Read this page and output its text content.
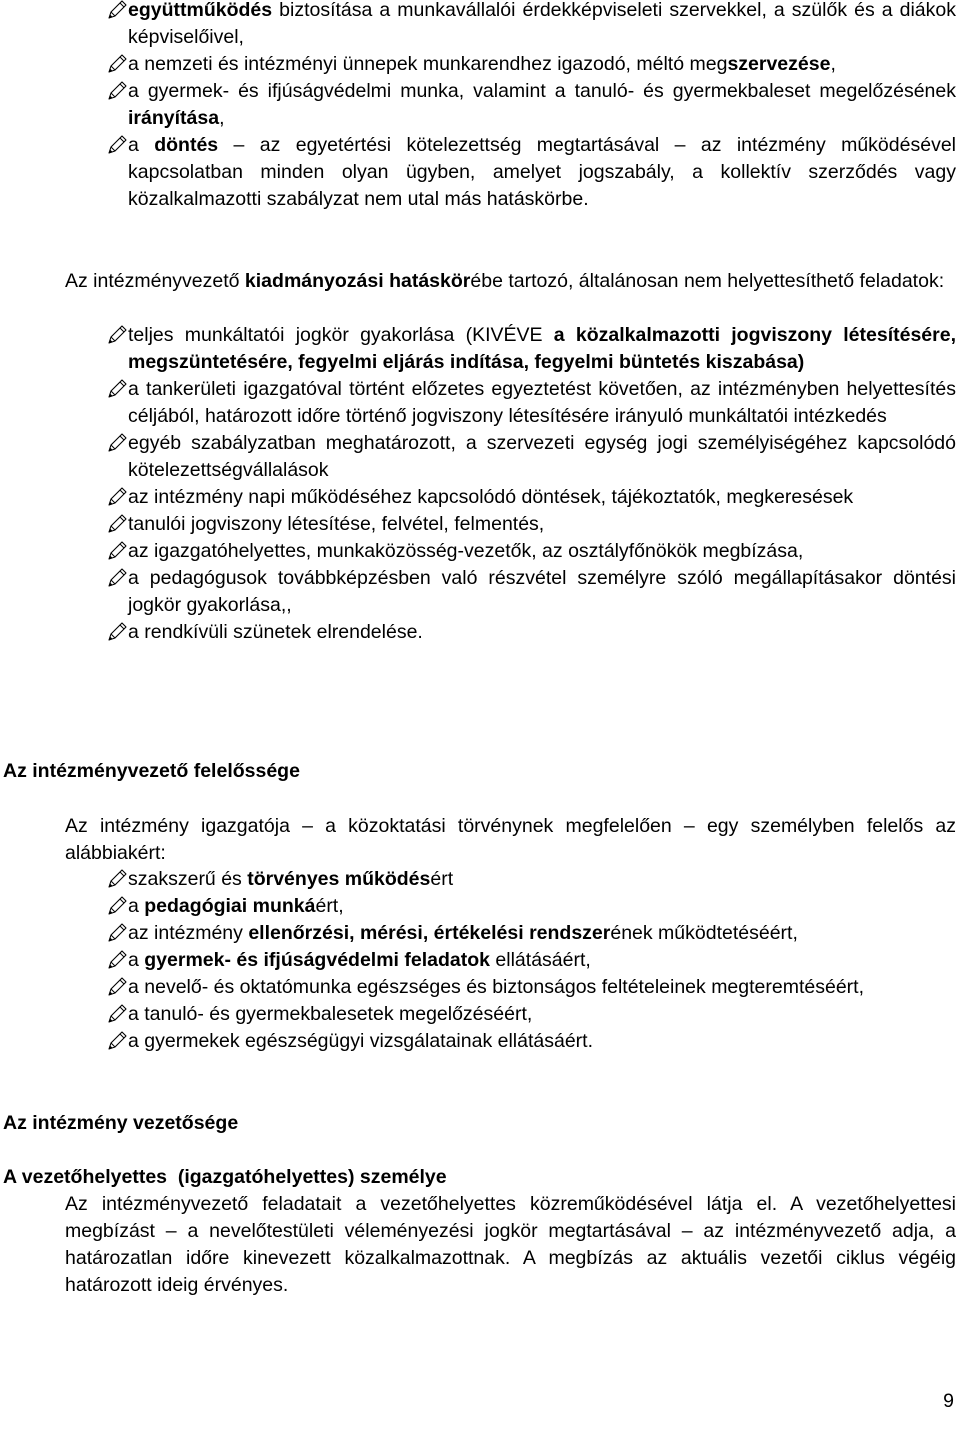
együttműködés biztosítása a munkavállalói érdekképviseleti szervekkel, a szülők és a diákok képviselőivel,
a nemzeti és intézményi ünnepek munkarendhez igazodó, méltó megszervezése,
a gyermek- és ifjúságvédelmi munka, valamint a tanuló- és gyermekbaleset megelőzésének irányítása,
a döntés – az egyetértési kötelezettség megtartásával – az intézmény működésével kapcsolatban minden olyan ügyben, amelyet jogszabály, a kollektív szerződés vagy közalkalmazotti szabályzat nem utal más hatáskörbe.
Az intézményvezető kiadmányozási hatáskörébe tartozó, általánosan nem helyettesíthető feladatok:
teljes munkáltatói jogkör gyakorlása (KIVÉVE a közalkalmazotti jogviszony létesítésére, megszüntetésére, fegyelmi eljárás indítása, fegyelmi büntetés kiszabása)
a tankerületi igazgatóval történt előzetes egyeztetést követően, az intézményben helyettesítés céljából, határozott időre történő jogviszony létesítésére irányuló munkáltatói intézkedés
egyéb szabályzatban meghatározott, a szervezeti egység jogi személyiségéhez kapcsolódó kötelezettségvállalások
az intézmény napi működéséhez kapcsolódó döntések, tájékoztatók, megkeresések
tanulói jogviszony létesítése, felvétel, felmentés,
az igazgatóhelyettes, munkaközösség-vezetők, az osztályfőnökök megbízása,
a pedagógusok továbbképzésben való részvétel személyre szóló megállapításakor döntési jogkör gyakorlása,,
a rendkívüli szünetek elrendelése.
Az intézményvezető felelőssége
Az intézmény igazgatója – a közoktatási törvénynek megfelelően – egy személyben felelős az alábbiakért:
szakszerű és törvényes működésért
a pedagógiai munkáért,
az intézmény ellenőrzési, mérési, értékelési rendszerének működtetéséért,
a gyermek- és ifjúságvédelmi feladatok ellátásáért,
a nevelő- és oktatómunka egészséges és biztonságos feltételeinek megteremtéséért,
a tanuló- és gyermekbalesetek megelőzéséért,
a gyermekek egészségügyi vizsgálatainak ellátásáért.
Az intézmény vezetősége
A vezetőhelyettes  (igazgatóhelyettes) személye
Az intézményvezető feladatait a vezetőhelyettes közreműködésével látja el. A vezetőhelyettesi megbízást – a nevelőtestületi véleményezési jogkör megtartásával – az intézményvezető adja, a határozatlan időre kinevezett közalkalmazottnak. A megbízás az aktuális vezetői ciklus végéig határozott ideig érvényes.
9
